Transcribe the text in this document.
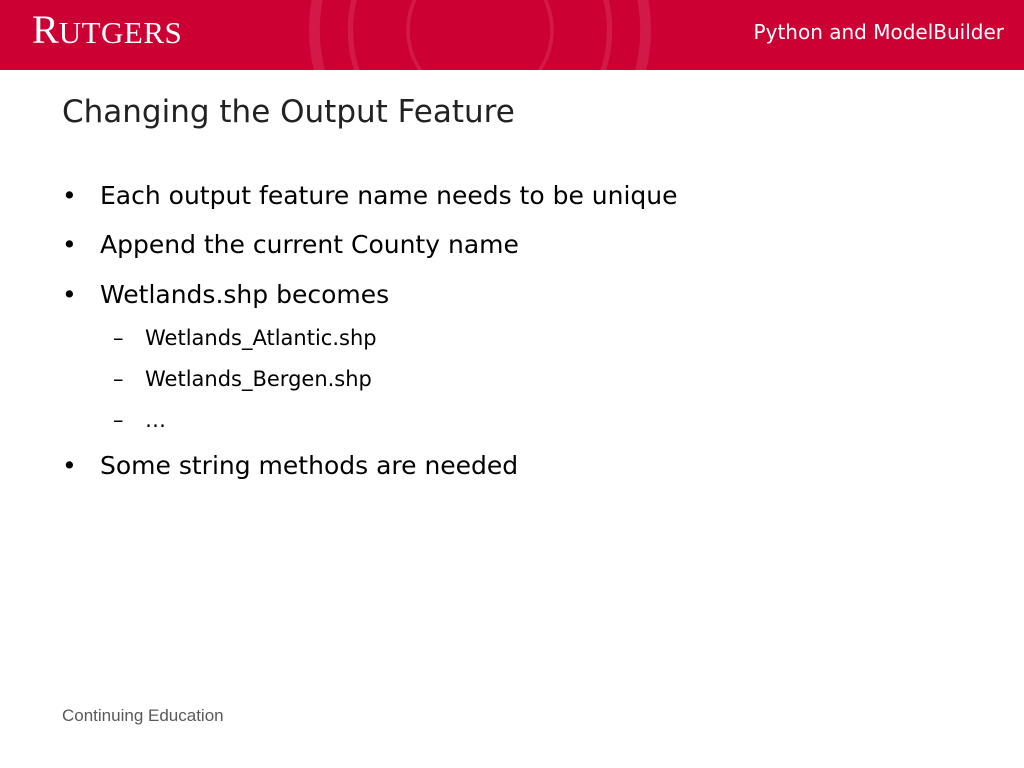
RUTGERS	Python and ModelBuilder
Changing the Output Feature
• Each output feature name needs to be unique
• Append the current County name
• Wetlands.shp becomes
– Wetlands_Atlantic.shp
– Wetlands_Bergen.shp
– …
• Some string methods are needed
Continuing Education
